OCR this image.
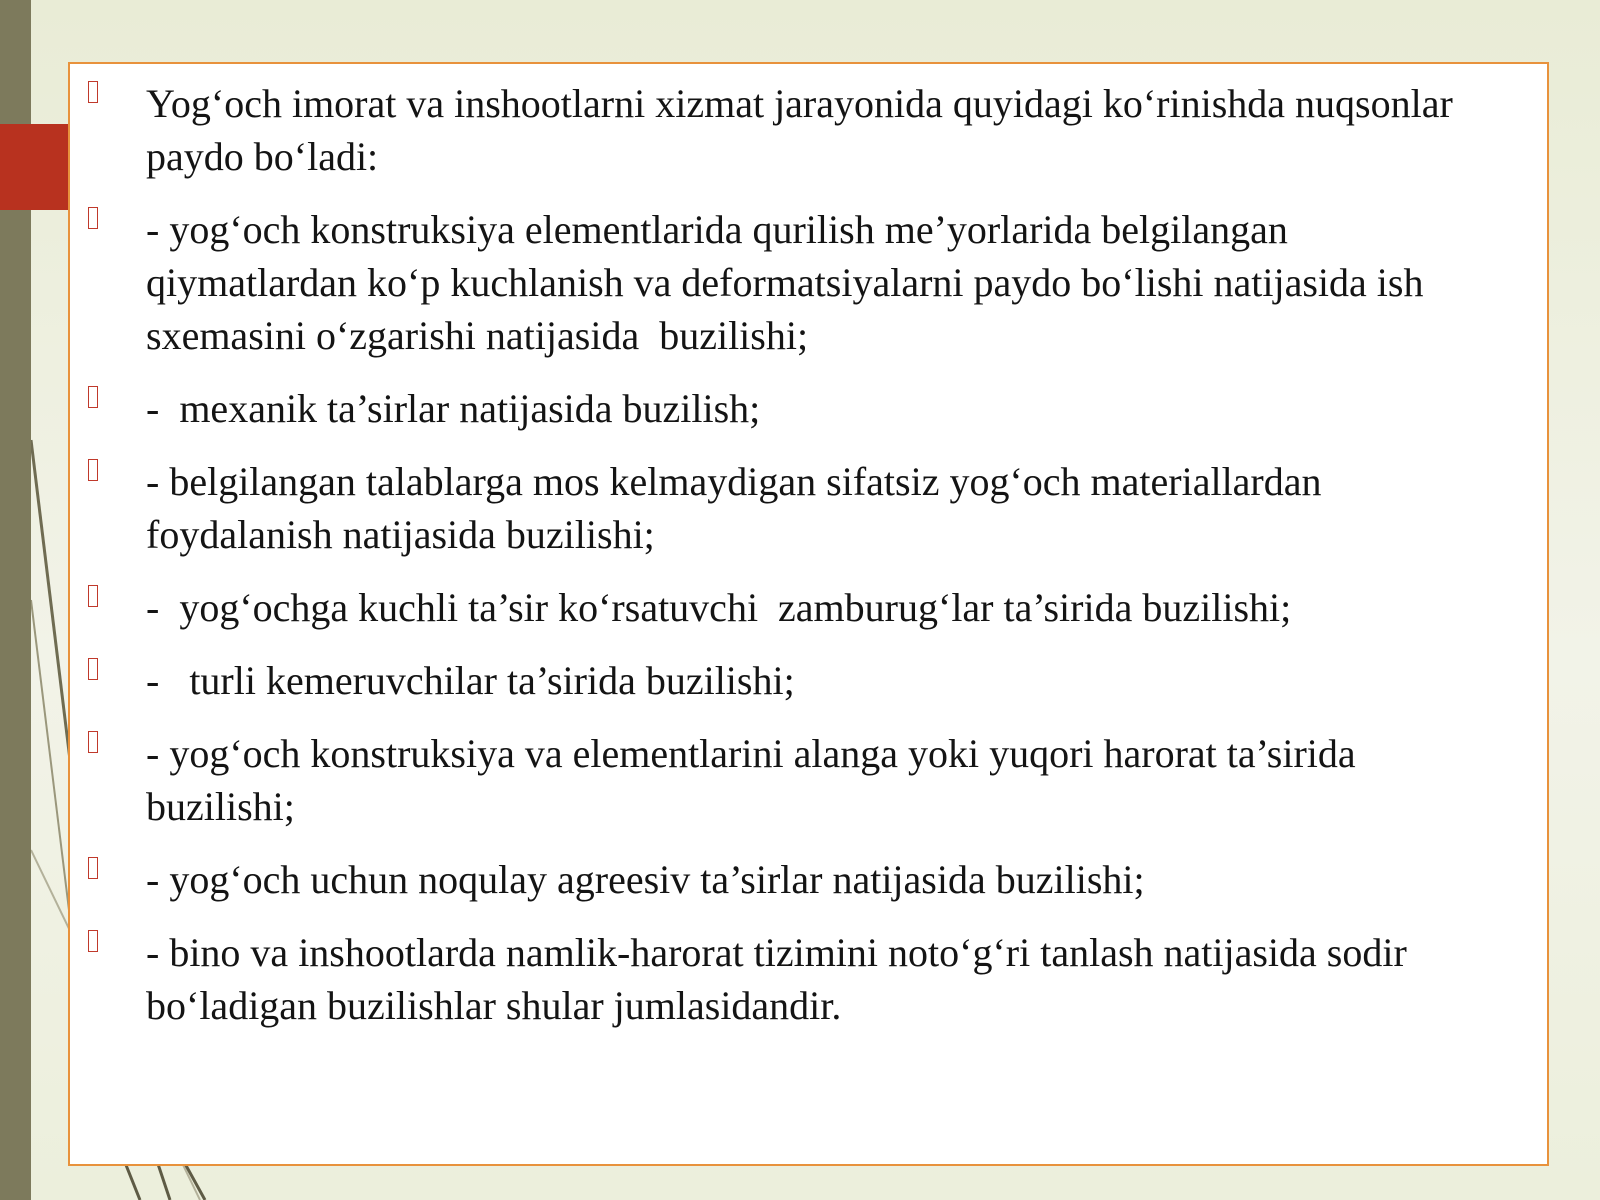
Yog‘och imorat va inshootlarni xizmat jarayonida quyidagi ko‘rinishda nuqsonlar paydo bo‘ladi:
- yog‘och konstruksiya elementlarida qurilish me’yorlarida belgilangan qiymatlardan ko‘p kuchlanish va deformatsiyalarni paydo bo‘lishi natijasida ish sxemasini o‘zgarishi natijasida  buzilishi;
-  mexanik ta’sirlar natijasida buzilish;
- belgilangan talablarga mos kelmaydigan sifatsiz yog‘och materiallardan foydalanish natijasida buzilishi;
-  yog‘ochga kuchli ta’sir ko‘rsatuvchi  zamburug‘lar ta’sirida buzilishi;
-   turli kemeruvchilar ta’sirida buzilishi;
- yog‘och konstruksiya va elementlarini alanga yoki yuqori harorat ta’sirida buzilishi;
- yog‘och uchun noqulay agreesiv ta’sirlar natijasida buzilishi;
- bino va inshootlarda namlik-harorat tizimini noto‘g‘ri tanlash natijasida sodir bo‘ladigan buzilishlar shular jumlasidandir.
